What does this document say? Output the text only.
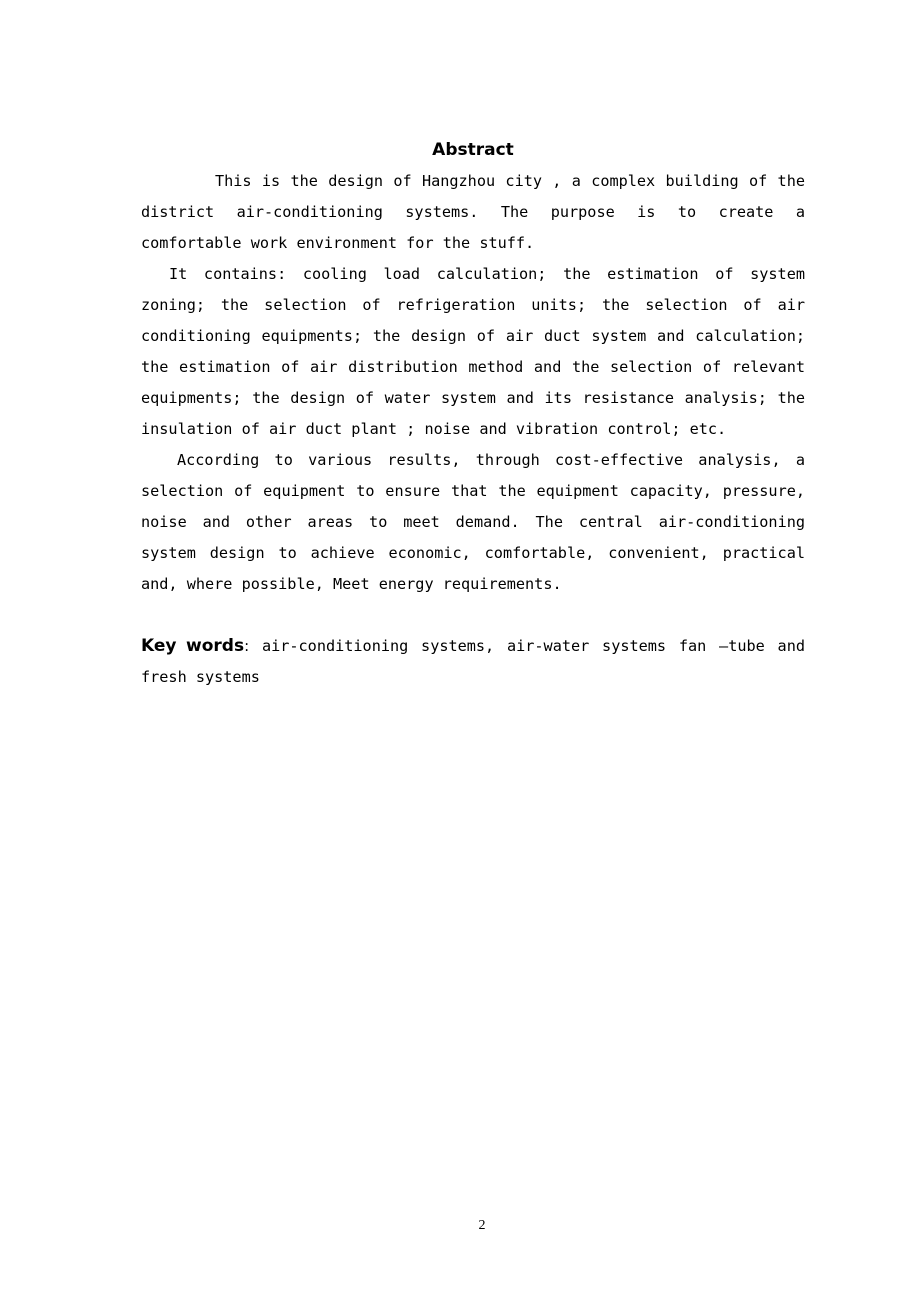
Abstract

This is the design of Hangzhou city , a complex building of the district air-conditioning systems. The purpose is to create a comfortable work environment for the stuff.

It contains: cooling load calculation; the estimation of system zoning; the selection of refrigeration units; the selection of air conditioning equipments; the design of air duct system and calculation; the estimation of air distribution method and the selection of relevant equipments; the design of water system and its resistance analysis; the insulation of air duct plant ; noise and vibration control; etc.

According to various results, through cost-effective analysis, a selection of equipment to ensure that the equipment capacity, pressure, noise and other areas to meet demand. The central air-conditioning system design to achieve economic, comfortable, convenient, practical and, where possible, Meet energy requirements.

Key words: air-conditioning systems, air-water systems fan –tube and fresh systems
2
